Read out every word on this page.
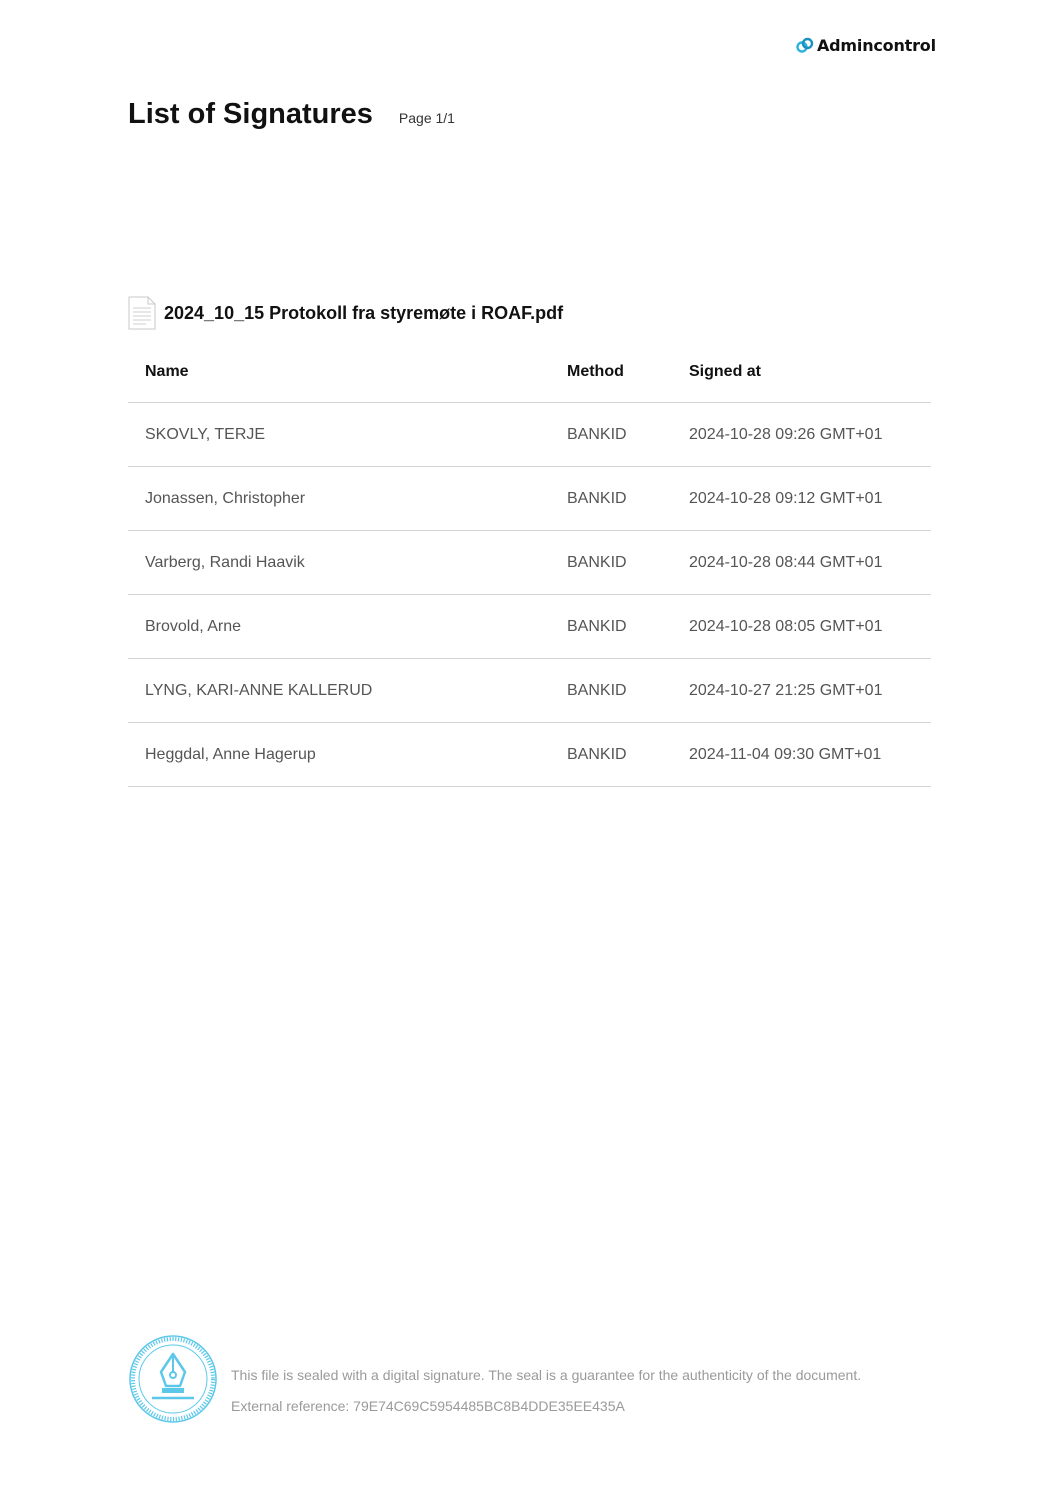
Admincontrol
List of Signatures Page 1/1
2024_10_15 Protokoll fra styremøte i ROAF.pdf
Name	Method	Signed at
SKOVLY, TERJE	BANKID	2024-10-28 09:26 GMT+01
Jonassen, Christopher	BANKID	2024-10-28 09:12 GMT+01
Varberg, Randi Haavik	BANKID	2024-10-28 08:44 GMT+01
Brovold, Arne	BANKID	2024-10-28 08:05 GMT+01
LYNG, KARI-ANNE KALLERUD	BANKID	2024-10-27 21:25 GMT+01
Heggdal, Anne Hagerup	BANKID	2024-11-04 09:30 GMT+01
This file is sealed with a digital signature. The seal is a guarantee for the authenticity of the document.
External reference: 79E74C69C5954485BC8B4DDE35EE435A
